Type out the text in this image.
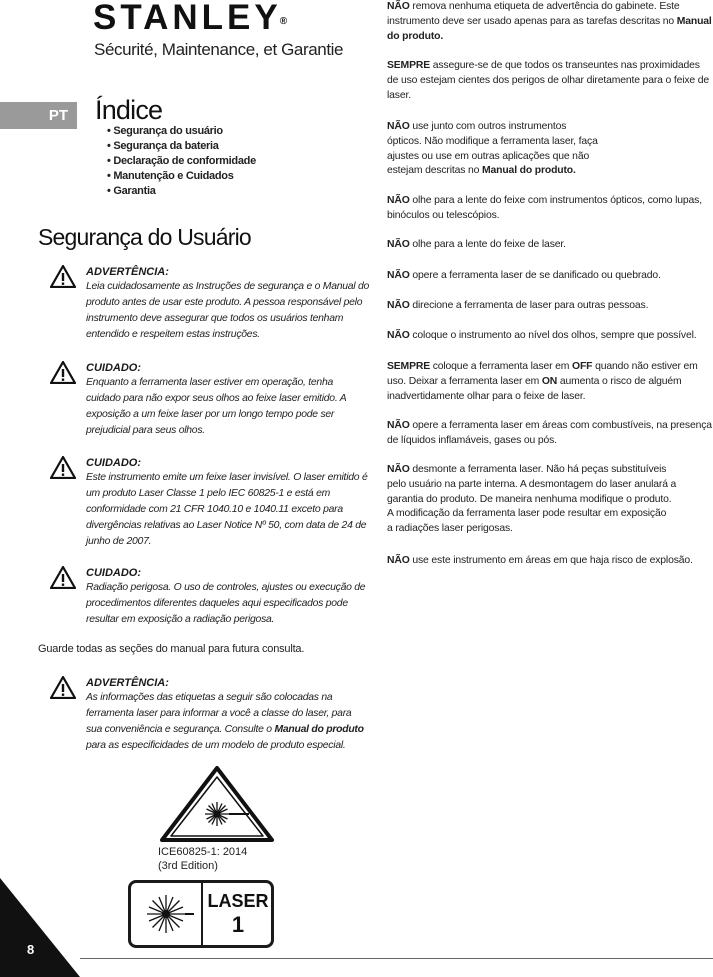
STANLEY®
Sécurité, Maintenance, et Garantie
PT	Índice
• Segurança do usuário
• Segurança da bateria
• Declaração de conformidade
• Manutenção e Cuidados
• Garantia
Segurança do Usuário
ADVERTÊNCIA:
Leia cuidadosamente as Instruções de segurança e o Manual do produto antes de usar este produto. A pessoa responsável pelo instrumento deve assegurar que todos os usuários tenham entendido e respeitem estas instruções.
CUIDADO:
Enquanto a ferramenta laser estiver em operação, tenha cuidado para não expor seus olhos ao feixe laser emitido. A exposição a um feixe laser por um longo tempo pode ser prejudicial para seus olhos.
CUIDADO:
Este instrumento emite um feixe laser invisível. O laser emitido é um produto Laser Classe 1 pelo IEC 60825-1 e está em conformidade com 21 CFR 1040.10 e 1040.11 exceto para divergências relativas ao Laser Notice Nº 50, com data de 24 de junho de 2007.
CUIDADO:
Radiação perigosa. O uso de controles, ajustes ou execução de procedimentos diferentes daqueles aqui especificados pode resultar em exposição a radiação perigosa.
Guarde todas as seções do manual para futura consulta.
ADVERTÊNCIA:
As informações das etiquetas a seguir são colocadas na ferramenta laser para informar a você a classe do laser, para sua conveniência e segurança. Consulte o Manual do produto para as especificidades de um modelo de produto especial.
ICE60825-1: 2014
(3rd Edition)
LASER
1
8
NÃO remova nenhuma etiqueta de advertência do gabinete. Este instrumento deve ser usado apenas para as tarefas descritas no Manual do produto.
SEMPRE assegure-se de que todos os transeuntes nas proximidades de uso estejam cientes dos perigos de olhar diretamente para o feixe de laser.
NÃO use junto com outros instrumentos
ópticos. Não modifique a ferramenta laser, faça
ajustes ou use em outras aplicações que não
estejam descritas no Manual do produto.
NÃO olhe para a lente do feixe com instrumentos ópticos, como lupas, binóculos ou telescópios.
NÃO olhe para a lente do feixe de laser.
NÃO opere a ferramenta laser de se danificado ou quebrado.
NÃO direcione a ferramenta de laser para outras pessoas.
NÃO coloque o instrumento ao nível dos olhos, sempre que possível.
SEMPRE coloque a ferramenta laser em OFF quando não estiver em uso. Deixar a ferramenta laser em ON aumenta o risco de alguém inadvertidamente olhar para o feixe de laser.
NÃO opere a ferramenta laser em áreas com combustíveis, na presença de líquidos inflamáveis, gases ou pós.
NÃO desmonte a ferramenta laser. Não há peças substituíveis
pelo usuário na parte interna. A desmontagem do laser anulará a
garantia do produto. De maneira nenhuma modifique o produto.
A modificação da ferramenta laser pode resultar em exposição
a radiações laser perigosas.
NÃO use este instrumento em áreas em que haja risco de explosão.
